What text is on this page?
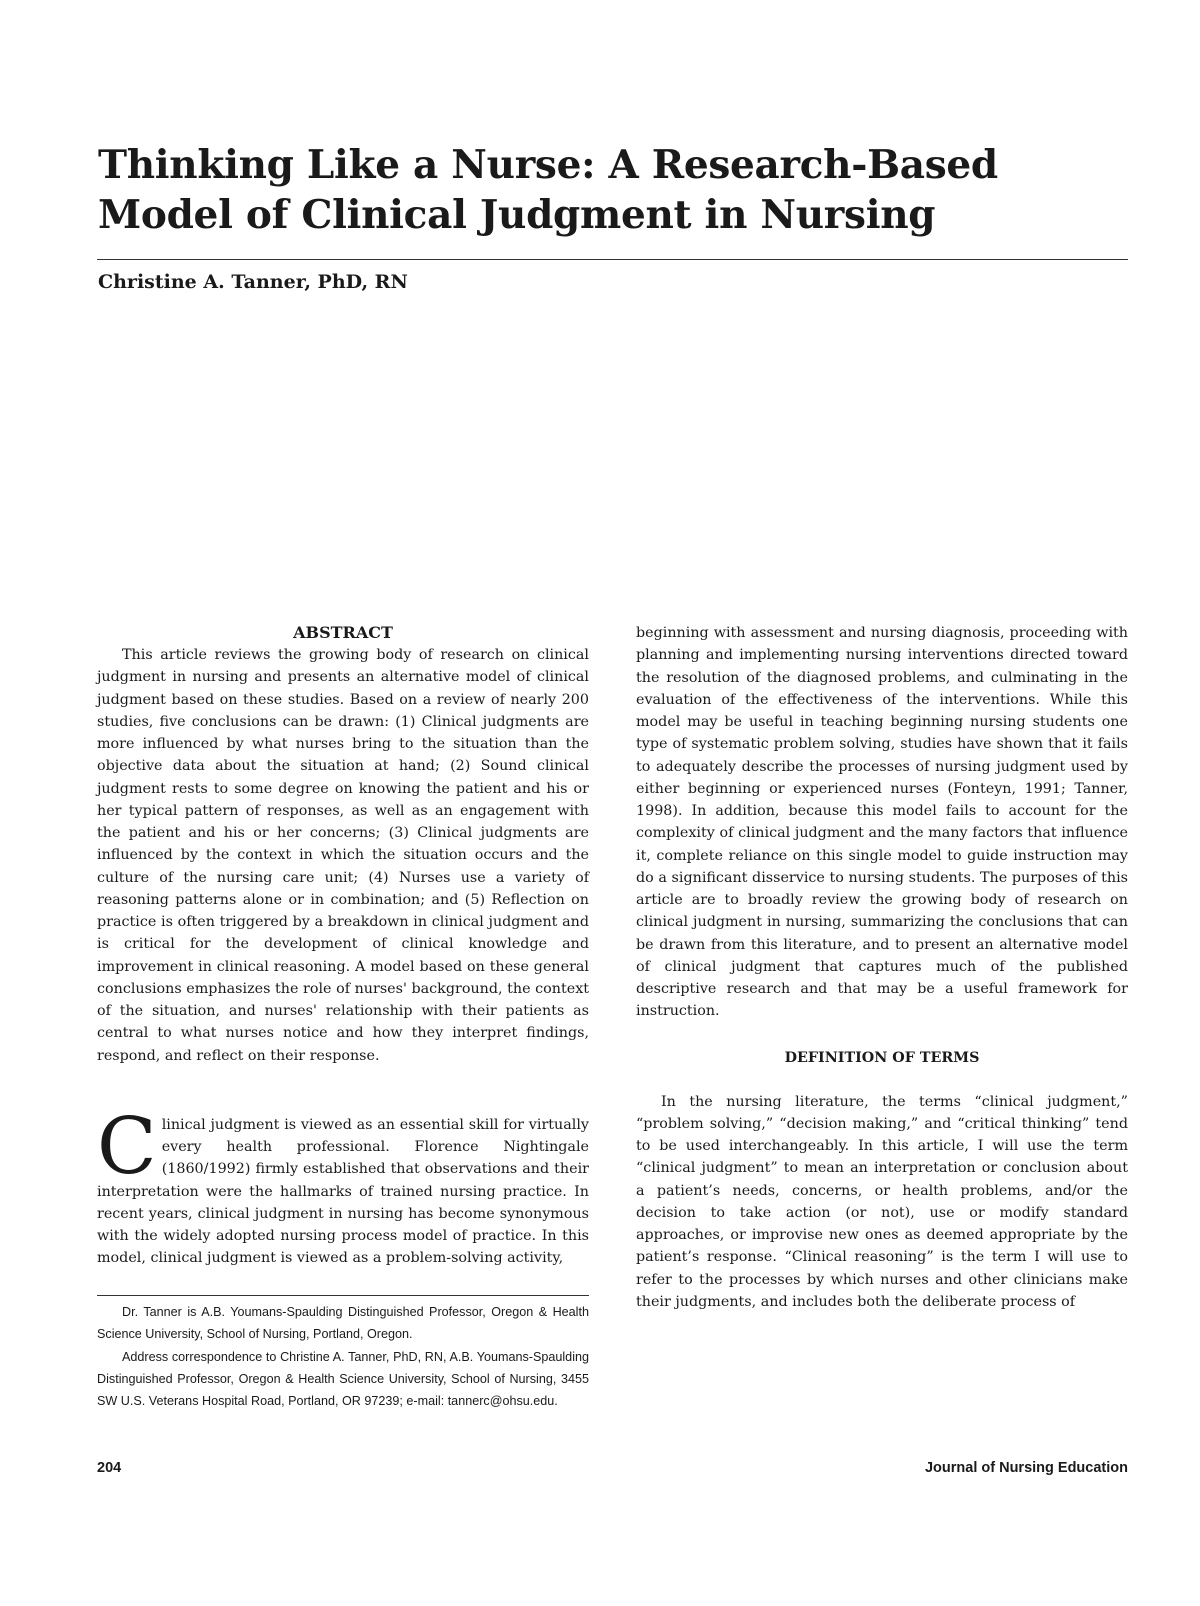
Thinking Like a Nurse: A Research-Based Model of Clinical Judgment in Nursing

Christine A. Tanner, PhD, RN

ABSTRACT

This article reviews the growing body of research on clinical judgment in nursing and presents an alternative model of clinical judgment based on these studies. Based on a review of nearly 200 studies, five conclusions can be drawn: (1) Clinical judgments are more influenced by what nurses bring to the situation than the objective data about the situation at hand; (2) Sound clinical judgment rests to some degree on knowing the patient and his or her typical pattern of responses, as well as an engagement with the patient and his or her concerns; (3) Clinical judgments are influenced by the context in which the situation occurs and the culture of the nursing care unit; (4) Nurses use a variety of reasoning patterns alone or in combination; and (5) Reflection on practice is often triggered by a breakdown in clinical judgment and is critical for the development of clinical knowledge and improvement in clinical reasoning. A model based on these general conclusions emphasizes the role of nurses' background, the context of the situation, and nurses' relationship with their patients as central to what nurses notice and how they interpret findings, respond, and reflect on their response.

Clinical judgment is viewed as an essential skill for virtually every health professional. Florence Nightingale (1860/1992) firmly established that observations and their interpretation were the hallmarks of trained nursing practice. In recent years, clinical judgment in nursing has become synonymous with the widely adopted nursing process model of practice. In this model, clinical judgment is viewed as a problem-solving activity,

beginning with assessment and nursing diagnosis, proceeding with planning and implementing nursing interventions directed toward the resolution of the diagnosed problems, and culminating in the evaluation of the effectiveness of the interventions. While this model may be useful in teaching beginning nursing students one type of systematic problem solving, studies have shown that it fails to adequately describe the processes of nursing judgment used by either beginning or experienced nurses (Fonteyn, 1991; Tanner, 1998). In addition, because this model fails to account for the complexity of clinical judgment and the many factors that influence it, complete reliance on this single model to guide instruction may do a significant disservice to nursing students. The purposes of this article are to broadly review the growing body of research on clinical judgment in nursing, summarizing the conclusions that can be drawn from this literature, and to present an alternative model of clinical judgment that captures much of the published descriptive research and that may be a useful framework for instruction.

DEFINITION OF TERMS

In the nursing literature, the terms “clinical judgment,” “problem solving,” “decision making,” and “critical thinking” tend to be used interchangeably. In this article, I will use the term “clinical judgment” to mean an interpretation or conclusion about a patient’s needs, concerns, or health problems, and/or the decision to take action (or not), use or modify standard approaches, or improvise new ones as deemed appropriate by the patient’s response. “Clinical reasoning” is the term I will use to refer to the processes by which nurses and other clinicians make their judgments, and includes both the deliberate process of

Dr. Tanner is A.B. Youmans-Spaulding Distinguished Professor, Oregon & Health Science University, School of Nursing, Portland, Oregon.

Address correspondence to Christine A. Tanner, PhD, RN, A.B. Youmans-Spaulding Distinguished Professor, Oregon & Health Science University, School of Nursing, 3455 SW U.S. Veterans Hospital Road, Portland, OR 97239; e-mail: tannerc@ohsu.edu.

204	Journal of Nursing Education
